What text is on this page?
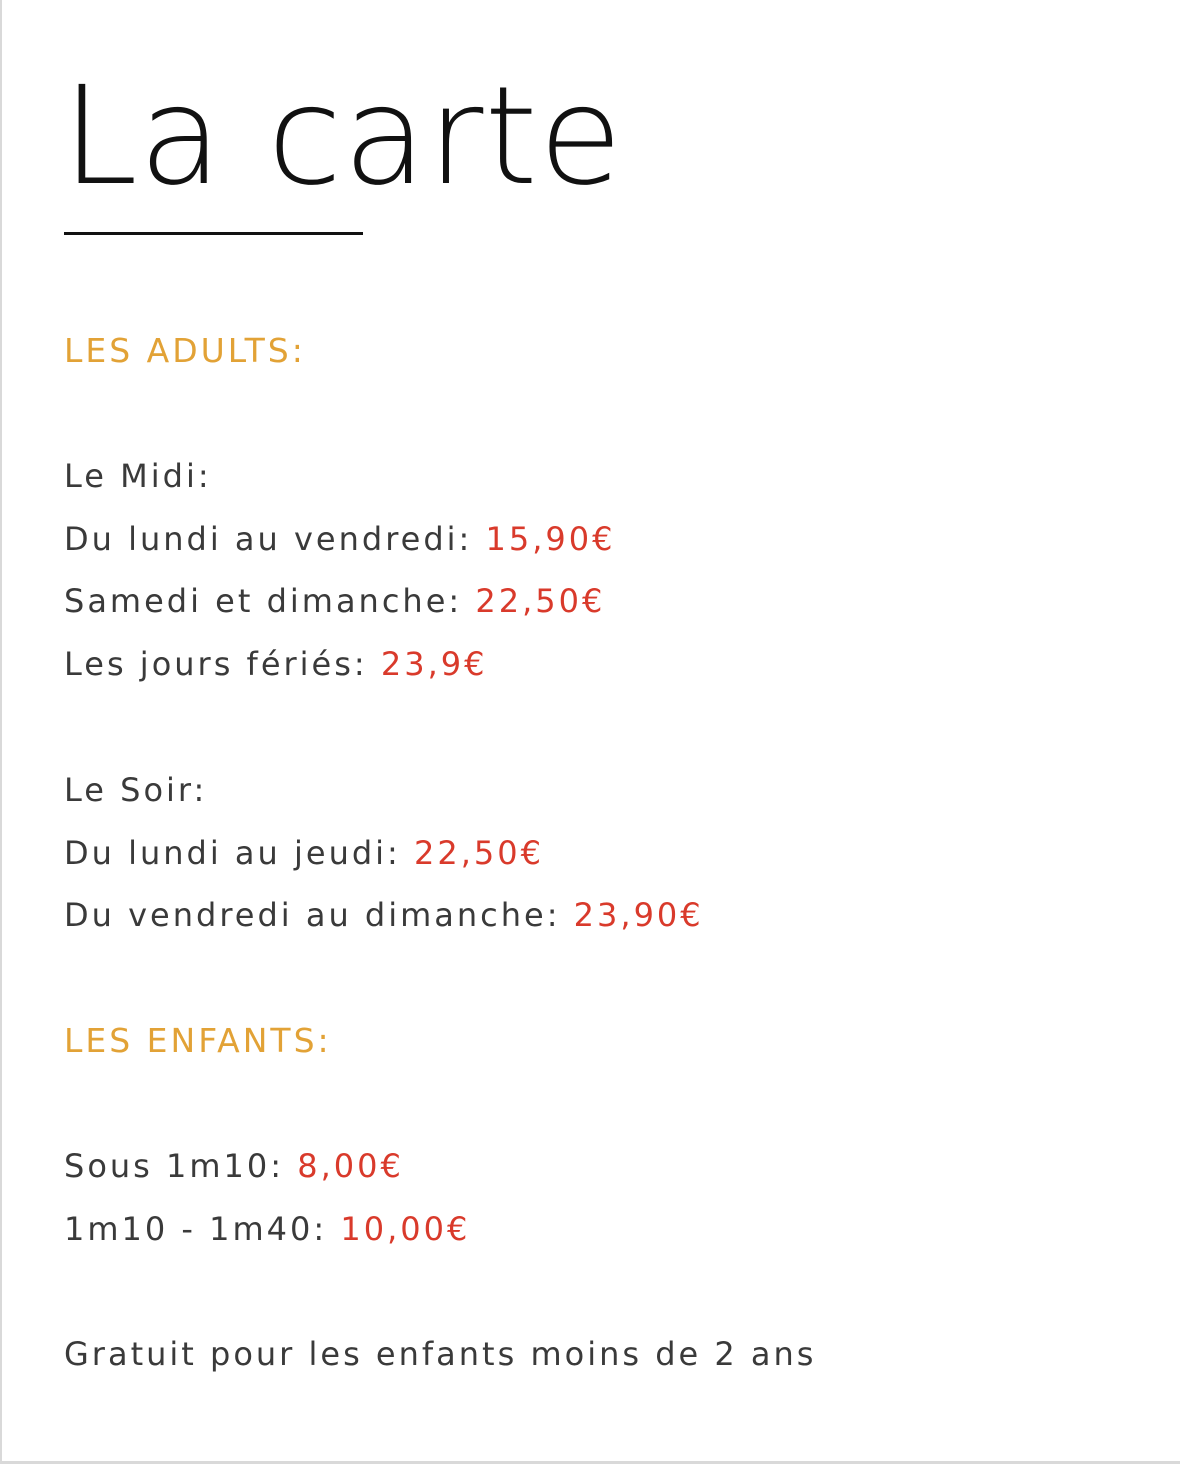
La carte
LES ADULTS:
Le Midi:
Du lundi au vendredi: 15,90€
Samedi et dimanche: 22,50€
Les jours fériés: 23,9€
Le Soir:
Du lundi au jeudi: 22,50€
Du vendredi au dimanche: 23,90€
LES ENFANTS:
Sous 1m10: 8,00€
1m10 - 1m40: 10,00€
Gratuit pour les enfants moins de 2 ans
